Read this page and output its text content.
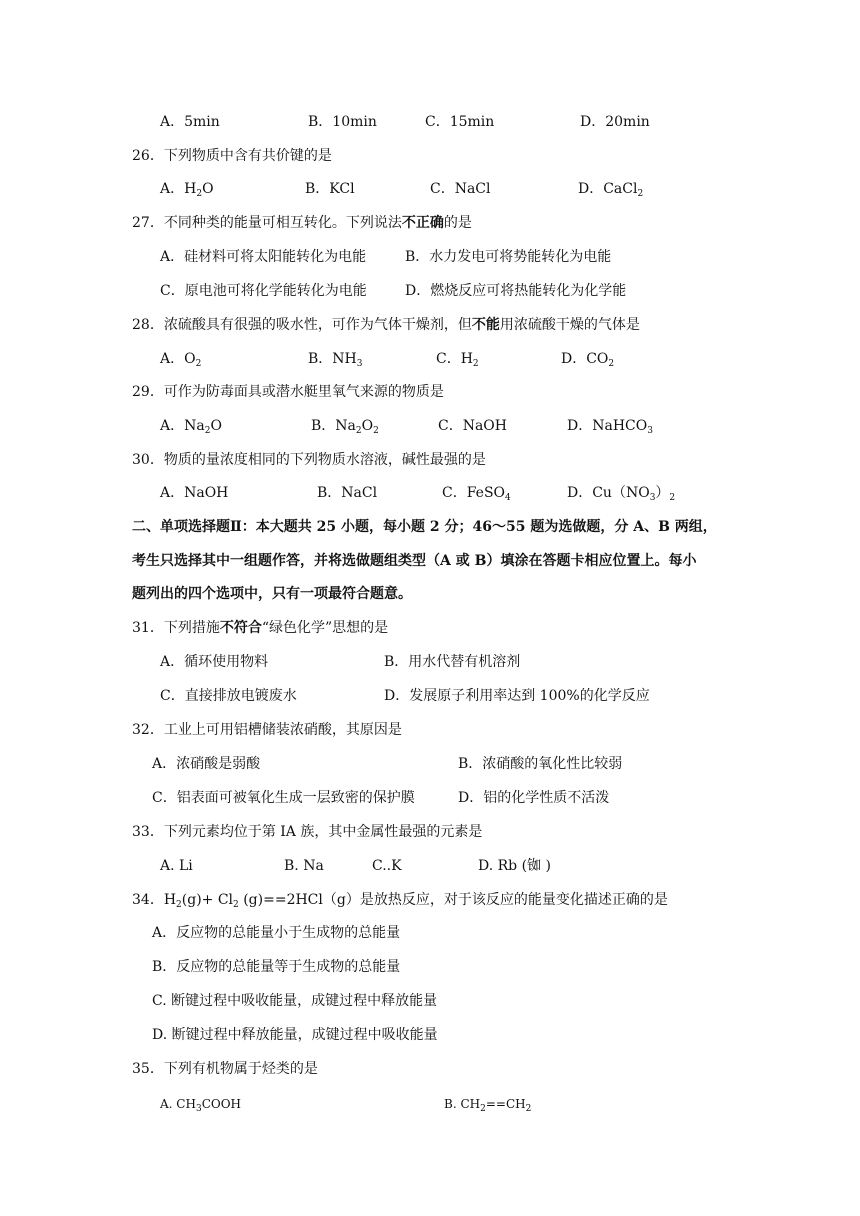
A．5min	B．10min	C．15min	D．20min
26．下列物质中含有共价键的是
A．$H_2O$	B．KCl	C．NaCl	D．CaCl$_2$
27．不同种类的能量可相互转化。下列说法不正确的是
A．硅材料可将太阳能转化为电能	B．水力发电可将势能转化为电能
C．原电池可将化学能转化为电能	D．燃烧反应可将热能转化为化学能
28．浓硫酸具有很强的吸水性，可作为气体干燥剂，但不能用浓硫酸干燥的气体是
A．$O_2$	B．$NH_3$	C．$H_2$	D．$CO_2$
29．可作为防毒面具或潜水艇里氧气来源的物质是
A．$Na_2O$	B．$Na_2O_2$	C．NaOH	D．NaHCO$_3$
30．物质的量浓度相同的下列物质水溶液，碱性最强的是
A．NaOH	B．NaCl	C．FeSO$_4$	D．$Cu(NO_3)_2$
二、单项选择题Ⅱ：本大题共 25 小题，每小题 2 分；46～55 题为选做题，分 A、B 两组，
考生只选择其中一组题作答，并将选做题组类型（A 或 B）填涂在答题卡相应位置上。每小
题列出的四个选项中，只有一项最符合题意。
31．下列措施不符合“绿色化学”思想的是
A．循环使用物料	B．用水代替有机溶剂
C．直接排放电镀废水	D．发展原子利用率达到 100%的化学反应
32．工业上可用铝槽储装浓硝酸，其原因是
A．浓硝酸是弱酸	B．浓硝酸的氧化性比较弱
C．铝表面可被氧化生成一层致密的保护膜	D．铝的化学性质不活泼
33．下列元素均位于第 IA 族，其中金属性最强的元素是
A. Li	B. Na	C..K	D. Rb (铷 )
34．$H_2(g)+ Cl_2$ (g)==2HCl（g）是放热反应，对于该反应的能量变化描述正确的是
A．反应物的总能量小于生成物的总能量
B．反应物的总能量等于生成物的总能量
C. 断键过程中吸收能量，成键过程中释放能量
D. 断键过程中释放能量，成键过程中吸收能量
35．下列有机物属于烃类的是
A. $CH_3COOH$	B. $CH_2==CH_2$
